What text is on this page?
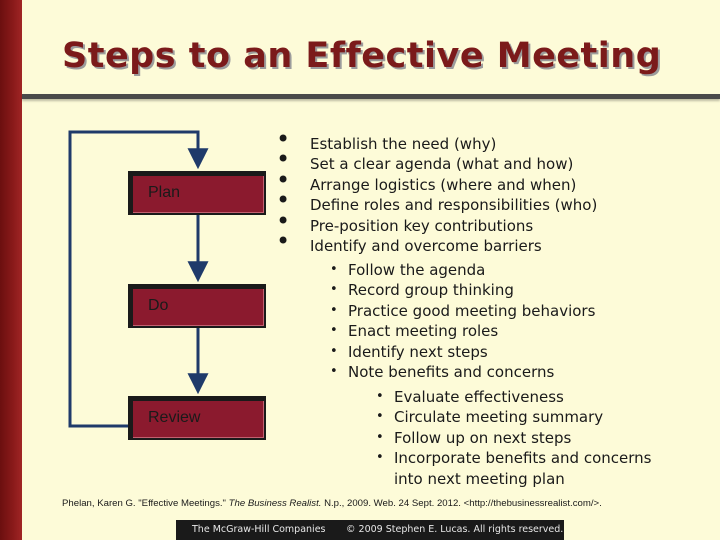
Steps to an Effective Meeting
Plan
Do
Review
• Establish the need (why)
• Set a clear agenda (what and how)
• Arrange logistics (where and when)
• Define roles and responsibilities (who)
• Pre-position key contributions
• Identify and overcome barriers
• Follow the agenda
• Record group thinking
• Practice good meeting behaviors
• Enact meeting roles
• Identify next steps
• Note benefits and concerns
• Evaluate effectiveness
• Circulate meeting summary
• Follow up on next steps
• Incorporate benefits and concerns
into next meeting plan
Phelan, Karen G. "Effective Meetings." The Business Realist. N.p., 2009. Web. 24 Sept. 2012. <http://thebusinessrealist.com/>.
The McGraw-Hill Companies © 2009 Stephen E. Lucas. All rights reserved.
